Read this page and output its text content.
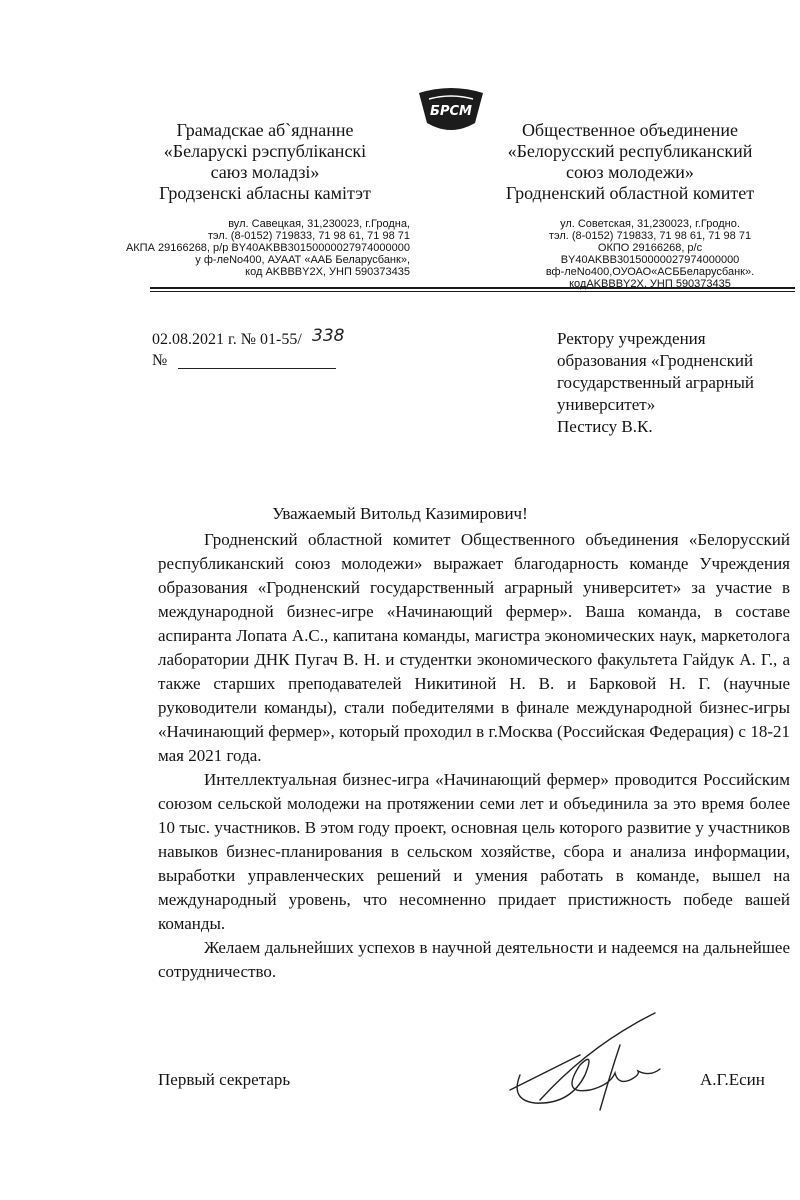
Грамадскае аб`яднанне
«Беларускі рэспубліканскі
саюз моладзі»
Гродзенскі абласны камітэт
БРСМ
Общественное объединение
«Белорусский республиканский
союз молодежи»
Гродненский областной комитет
вул. Савецкая, 31,230023, г.Гродна,
тэл. (8-0152) 719833, 71 98 61, 71 98 71
АКПА 29166268, р/р BY40AKBB30150000027974000000
у ф-леNo400, АУААТ «ААБ Беларусбанк»,
код AKBBBY2X, УНП 590373435
ул. Советская, 31,230023, г.Гродно.
тэл. (8-0152) 719833, 71 98 61, 71 98 71
ОКПО 29166268, р/с BY40AKBB30150000027974000000
вф-леNo400,ОУОАО«АСББеларусбанк».
кодAKBBBY2X, УНП 590373435
02.08.2021 г. № 01-55/ 338
№
Ректору учреждения
образования «Гродненский
государственный аграрный
университет»
Пестису В.К.
Уважаемый Витольд Казимирович!

Гродненский областной комитет Общественного объединения «Белорусский республиканский союз молодежи» выражает благодарность команде Учреждения образования «Гродненский государственный аграрный университет» за участие в международной бизнес-игре «Начинающий фермер». Ваша команда, в составе аспиранта Лопата А.С., капитана команды, магистра экономических наук, маркетолога лаборатории ДНК Пугач В. Н. и студентки экономического факультета Гайдук А. Г., а также старших преподавателей Никитиной Н. В. и Барковой Н. Г. (научные руководители команды), стали победителями в финале международной бизнес-игры «Начинающий фермер», который проходил в г.Москва (Российская Федерация) с 18-21 мая 2021 года.

Интеллектуальная бизнес-игра «Начинающий фермер» проводится Российским союзом сельской молодежи на протяжении семи лет и объединила за это время более 10 тыс. участников. В этом году проект, основная цель которого развитие у участников навыков бизнес-планирования в сельском хозяйстве, сбора и анализа информации, выработки управленческих решений и умения работать в команде, вышел на международный уровень, что несомненно придает пристижность победе вашей команды.

Желаем дальнейших успехов в научной деятельности и надеемся на дальнейшее сотрудничество.

Первый секретарь	А.Г.Есин
